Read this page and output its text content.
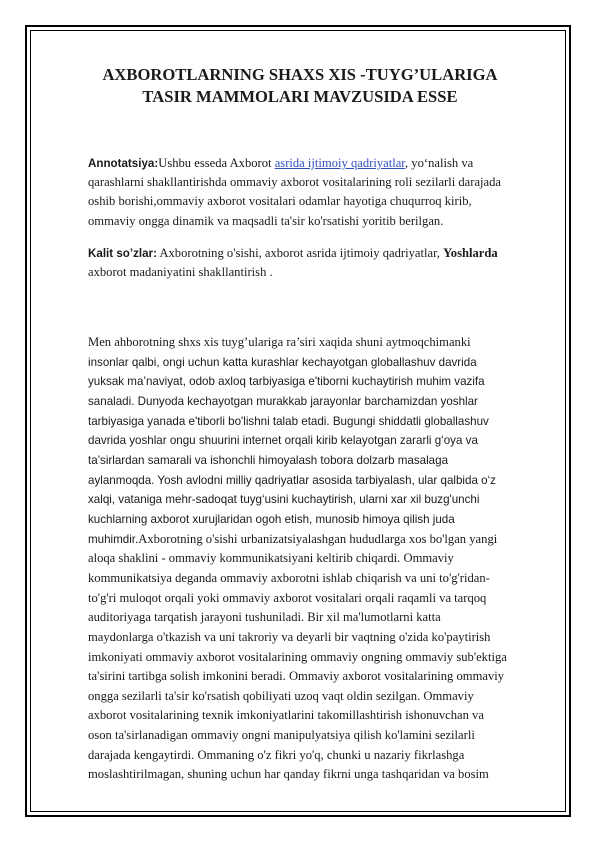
AXBOROTLARNING SHAXS XIS -TUYG’ULARIGA
TASIR MAMMOLARI MAVZUSIDA ESSE
Annotatsiya:Ushbu esseda Axborot asrida ijtimoiy qadriyatlar, yo‘nalish va
qarashlarni shakllantirishda ommaviy axborot vositalarining roli sezilarli darajada
oshib borishi,ommaviy axborot vositalari odamlar hayotiga chuqurroq kirib,
ommaviy ongga dinamik va maqsadli ta'sir ko'rsatishi yoritib berilgan.
Kalit so’zlar: Axborotning o'sishi, axborot asrida ijtimoiy qadriyatlar, Yoshlarda
axborot madaniyatini shakllantirish .
Men ahborotning shxs xis tuyg’ulariga ra’siri xaqida shuni aytmoqchimanki
insonlar qalbi, ongi uchun katta kurashlar kechayotgan globallashuv davrida
yuksak ma’naviyat, odob axloq tarbiyasiga e'tiborni kuchaytirish muhim vazifa
sanaladi. Dunyoda kechayotgan murakkab jarayonlar barchamizdan yoshlar
tarbiyasiga yanada e'tiborli bo'lishni talab etadi. Bugungi shiddatli globallashuv
davrida yoshlar ongu shuurini internet orqali kirib kelayotgan zararli g‘oya va
ta’sirlardan samarali va ishonchli himoyalash tobora dolzarb masalaga
aylanmoqda. Yosh avlodni milliy qadriyatlar asosida tarbiyalash, ular qalbida o‘z
xalqi, vataniga mehr-sadoqat tuyg‘usini kuchaytirish, ularni xar xil buzg'unchi
kuchlarning axborot xurujlaridan ogoh etish, munosib himoya qilish juda
muhimdir.Axborotning o'sishi urbanizatsiyalashgan hududlarga xos bo'lgan yangi
aloqa shaklini - ommaviy kommunikatsiyani keltirib chiqardi. Ommaviy
kommunikatsiya deganda ommaviy axborotni ishlab chiqarish va uni to'g'ridan-
to'g'ri muloqot orqali yoki ommaviy axborot vositalari orqali raqamli va tarqoq
auditoriyaga tarqatish jarayoni tushuniladi. Bir xil ma'lumotlarni katta
maydonlarga o'tkazish va uni takroriy va deyarli bir vaqtning o'zida ko'paytirish
imkoniyati ommaviy axborot vositalarining ommaviy ongning ommaviy sub'ektiga
ta'sirini tartibga solish imkonini beradi. Ommaviy axborot vositalarining ommaviy
ongga sezilarli ta'sir ko'rsatish qobiliyati uzoq vaqt oldin sezilgan. Ommaviy
axborot vositalarining texnik imkoniyatlarini takomillashtirish ishonuvchan va
oson ta'sirlanadigan ommaviy ongni manipulyatsiya qilish ko'lamini sezilarli
darajada kengaytirdi. Ommaning o'z fikri yo'q, chunki u nazariy fikrlashga
moslashtirilmagan, shuning uchun har qanday fikrni unga tashqaridan va bosim
